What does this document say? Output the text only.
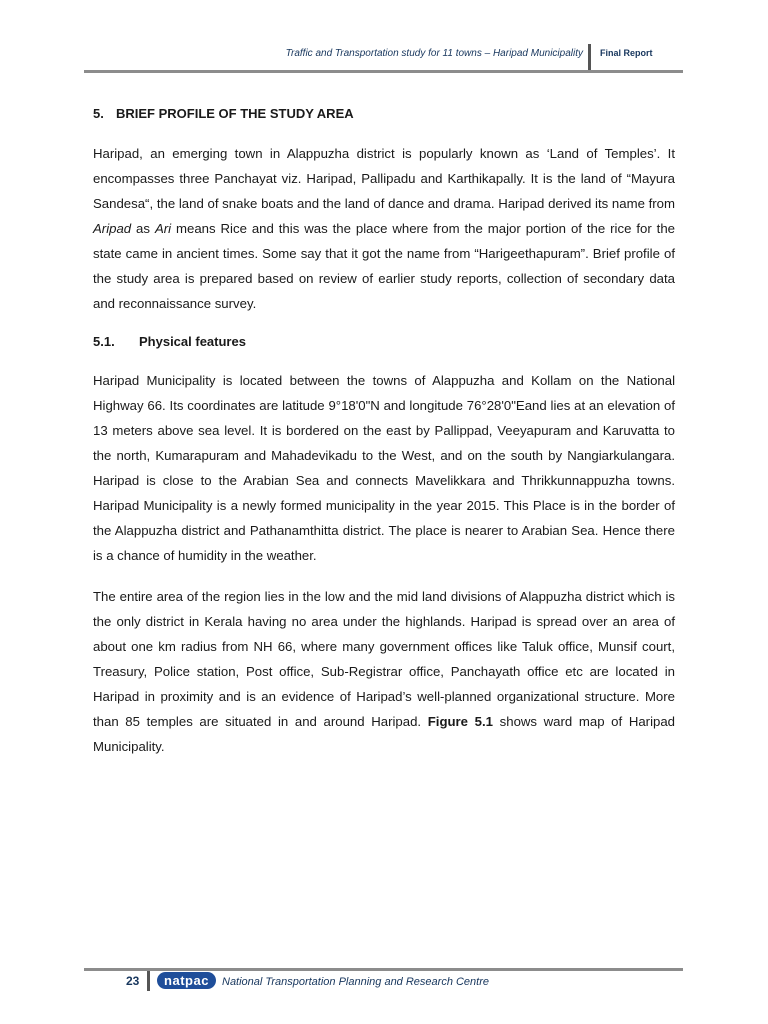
Traffic and Transportation study for 11 towns – Haripad Municipality Final Report
5. BRIEF PROFILE OF THE STUDY AREA

Haripad, an emerging town in Alappuzha district is popularly known as ‘Land of Temples’. It encompasses three Panchayat viz. Haripad, Pallipadu and Karthikapally. It is the land of “Mayura Sandesa“, the land of snake boats and the land of dance and drama. Haripad derived its name from Aripad as Ari means Rice and this was the place where from the major portion of the rice for the state came in ancient times. Some say that it got the name from “Harigeethapuram”. Brief profile of the study area is prepared based on review of earlier study reports, collection of secondary data and reconnaissance survey.

5.1. Physical features

Haripad Municipality is located between the towns of Alappuzha and Kollam on the National Highway 66. Its coordinates are latitude 9°18'0"N and longitude 76°28'0"Eand lies at an elevation of 13 meters above sea level. It is bordered on the east by Pallippad, Veeyapuram and Karuvatta to the north, Kumarapuram and Mahadevikadu to the West, and on the south by Nangiarkulangara. Haripad is close to the Arabian Sea and connects Mavelikkara and Thrikkunnappuzha towns. Haripad Municipality is a newly formed municipality in the year 2015. This Place is in the border of the Alappuzha district and Pathanamthitta district. The place is nearer to Arabian Sea. Hence there is a chance of humidity in the weather.

The entire area of the region lies in the low and the mid land divisions of Alappuzha district which is the only district in Kerala having no area under the highlands. Haripad is spread over an area of about one km radius from NH 66, where many government offices like Taluk office, Munsif court, Treasury, Police station, Post office, Sub-Registrar office, Panchayath office etc are located in Haripad in proximity and is an evidence of Haripad’s well-planned organizational structure. More than 85 temples are situated in and around Haripad. Figure 5.1 shows ward map of Haripad Municipality.

23	natpac	National Transportation Planning and Research Centre
